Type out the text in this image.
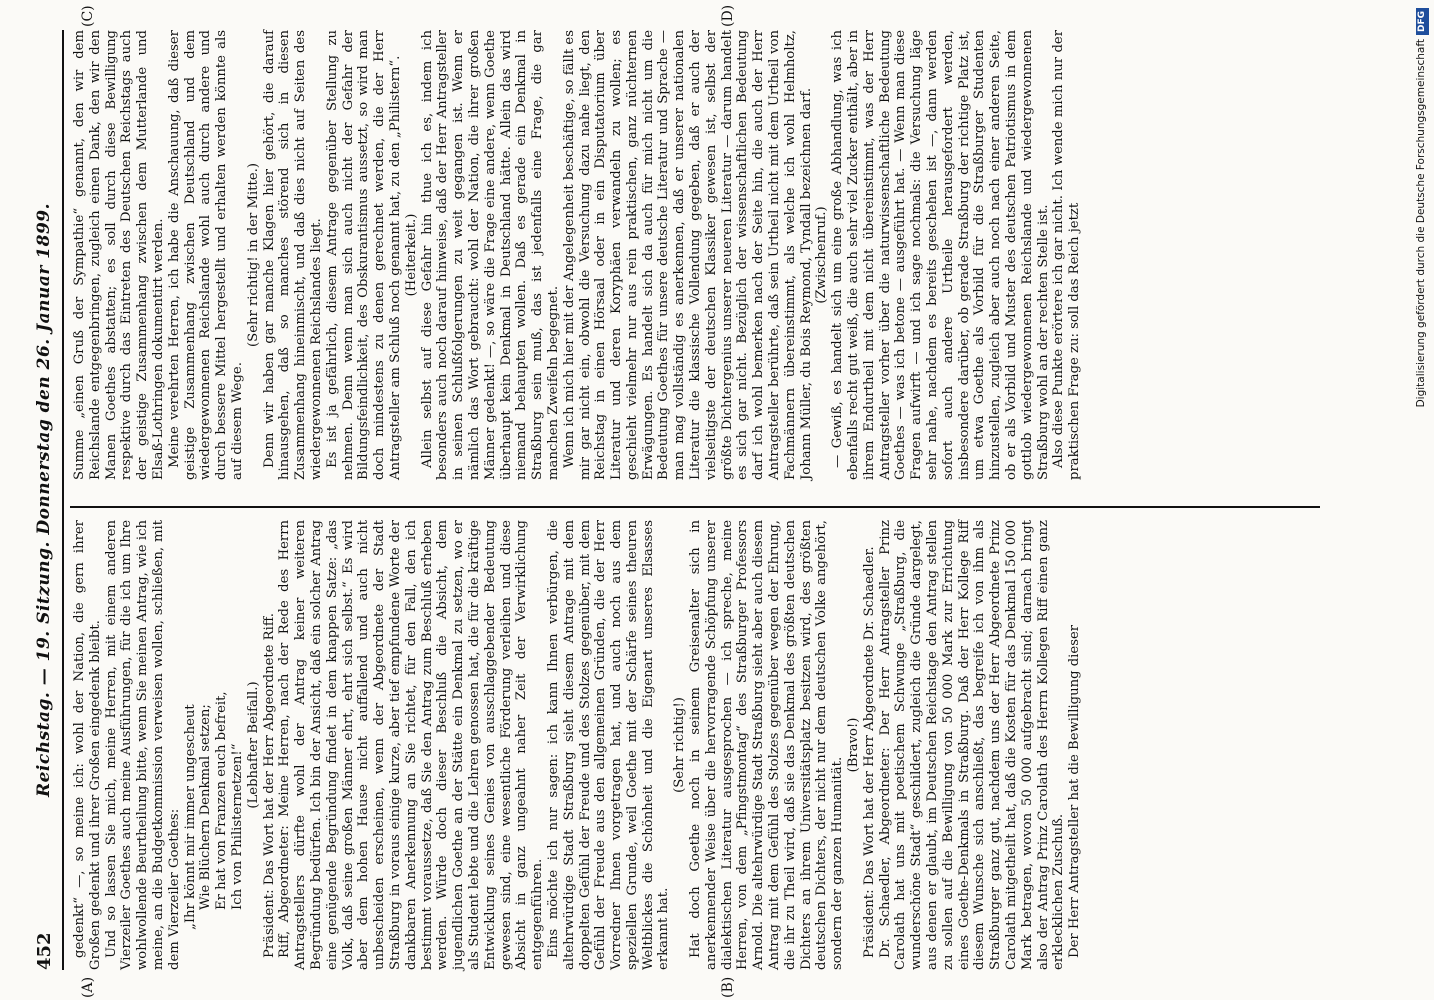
452
Reichstag. — 19. Sitzung. Donnerstag den 26. Januar 1899.
(A)	(B)
(C)	(D)

gedenkt“ —, so meine ich: wohl der Nation, die gern ihrer Großen gedenkt und ihrer Großen eingedenk bleibt. Und so lassen Sie mich, meine Herren, mit einem anderen Vierzeiler Goethes auch meine Ausführungen, für die ich um Ihre wohlwollende Beurtheilung bitte, wenn Sie meinen Antrag, wie ich meine, an die Budgetkommission verweisen wollen, schließen, mit dem Vierzeiler Goethes: „Ihr könnt mir immer ungescheut Wie Blüchern Denkmal setzen; Er hat von Franzen euch befreit, Ich von Philisternetzen!“ (Lebhafter Beifall.) Präsident: Das Wort hat der Herr Abgeordnete Riff. Riff, Abgeordneter: Meine Herren, nach der Rede des Herrn Antragstellers dürfte wohl der Antrag keiner weiteren Begründung bedürfen. Ich bin der Ansicht, daß ein solcher Antrag eine genügende Begründung findet in dem knappen Satze: „das Volk, daß seine großen Männer ehrt, ehrt sich selbst.“ Es wird aber dem hohen Hause nicht auffallend und auch nicht unbescheiden erscheinen, wenn der Abgeordnete der Stadt Straßburg in voraus einige kurze, aber tief empfundene Worte der dankbaren Anerkennung an Sie richtet, für den Fall, den ich bestimmt voraussetze, daß Sie den Antrag zum Beschluß erheben werden. Würde doch dieser Beschluß die Absicht, dem jugendlichen Goethe an der Stätte ein Denkmal zu setzen, wo er als Student lebte und die Lehren genossen hat, die für die kräftige Entwicklung seines Genies von ausschlaggebender Bedeutung gewesen sind, eine wesentliche Förderung verleihen und diese Absicht in ganz ungeahnt naher Zeit der Verwirklichung entgegenführen. Eins möchte ich nur sagen: ich kann Ihnen verbürgen, die altehrwürdige Stadt Straßburg sieht diesem Antrage mit dem doppelten Gefühl der Freude und des Stolzes gegenüber, mit dem Gefühl der Freude aus den allgemeinen Gründen, die der Herr Vorredner Ihnen vorgetragen hat, und auch noch aus dem speziellen Grunde, weil Goethe mit der Schärfe seines theuren Weltblickes die Schönheit und die Eigenart unseres Elsasses erkannt hat.

(Sehr richtig!) Hat doch Goethe noch in seinem Greisenalter sich in anerkennender Weise über die hervorragende Schöpfung unserer dialektischen Literatur ausgesprochen — ich spreche, meine Herren, von dem „Pfingstmontag“ des Straßburger Professors Arnold. Die altehrwürdige Stadt Straßburg sieht aber auch diesem Antrag mit dem Gefühl des Stolzes gegenüber wegen der Ehrung, die ihr zu Theil wird, daß sie das Denkmal des größten deutschen Dichters an ihrem Universitätsplatz besitzen wird, des größten deutschen Dichters, der nicht nur dem deutschen Volke angehört, sondern der ganzen Humanität.

(Bravo!) Präsident: Das Wort hat der Herr Abgeordnete Dr. Schaedler. Dr. Schaedler, Abgeordneter: Der Herr Antragsteller Prinz Carolath hat uns mit poetischem Schwunge „Straßburg, die wunderschöne Stadt“ geschildert, zugleich die Gründe dargelegt, aus denen er glaubt, im Deutschen Reichstage den Antrag stellen zu sollen auf die Bewilligung von 50 000 Mark zur Errichtung eines Goethe-Denkmals in Straßburg. Daß der Herr Kollege Riff diesem Wunsche sich anschließt, das begreife ich von ihm als Straßburger ganz gut, nachdem uns der Herr Abgeordnete Prinz Carolath mitgetheilt hat, daß die Kosten für das Denkmal 150 000 Mark betragen, wovon 50 000 aufgebracht sind; darnach bringt also der Antrag Prinz Carolath des Herrn Kollegen Riff einen ganz erklecklichen Zuschuß. Der Herr Antragsteller hat die Bewilligung dieser

Summe „einen Gruß der Sympathie“ genannt, den wir dem Reichslande entgegenbringen, zugleich einen Dank, den wir den Manen Goethes abstatten; es soll durch diese Bewilligung respektive durch das Eintreten des Deutschen Reichstags auch der geistige Zusammenhang zwischen dem Mutterlande und Elsaß-Lothringen dokumentirt werden. Meine verehrten Herren, ich habe die Anschauung, daß dieser geistige Zusammenhang zwischen Deutschland und dem wiedergewonnenen Reichslande wohl auch durch andere und durch bessere Mittel hergestellt und erhalten werden könnte als auf diesem Wege.

(Sehr richtig! in der Mitte.) Denn wir haben gar manche Klagen hier gehört, die darauf hinausgehen, daß so manches störend sich in diesen Zusammenhang hineinmischt, und daß dies nicht auf Seiten des wiedergewonnenen Reichslandes liegt. Es ist ja gefährlich, diesem Antrage gegenüber Stellung zu nehmen. Denn wenn man sich auch nicht der Gefahr der Bildungsfeindlichkeit, des Obskurantismus aussetzt, so wird man doch mindestens zu denen gerechnet werden, die der Herr Antragsteller am Schluß noch genannt hat, zu den „Philistern“. (Heiterkeit.) Allein selbst auf diese Gefahr hin thue ich es, indem ich besonders auch noch darauf hinweise, daß der Herr Antragsteller in seinen Schlußfolgerungen zu weit gegangen ist. Wenn er nämlich das Wort gebraucht: wohl der Nation, die ihrer großen Männer gedenkt! —, so wäre die Frage eine andere, wenn Goethe überhaupt kein Denkmal in Deutschland hätte. Allein das wird niemand behaupten wollen. Daß es gerade ein Denkmal in Straßburg sein muß, das ist jedenfalls eine Frage, die gar manchen Zweifeln begegnet. Wenn ich mich hier mit der Angelegenheit beschäftige, so fällt es mir gar nicht ein, obwohl die Versuchung dazu nahe liegt, den Reichstag in einen Hörsaal oder in ein Disputatorium über Literatur und deren Koryphäen verwandeln zu wollen; es geschieht vielmehr nur aus rein praktischen, ganz nüchternen Erwägungen. Es handelt sich da auch für mich nicht um die Bedeutung Goethes für unsere deutsche Literatur und Sprache — man mag vollständig es anerkennen, daß er unserer nationalen Literatur die klassische Vollendung gegeben, daß er auch der vielseitigste der deutschen Klassiker gewesen ist, selbst der größte Dichtergenius unserer neueren Literatur — darum handelt es sich gar nicht. Bezüglich der wissenschaftlichen Bedeutung darf ich wohl bemerken nach der Seite hin, die auch der Herr Antragsteller berührte, daß sein Urtheil nicht mit dem Urtheil von Fachmännern übereinstimmt, als welche ich wohl Helmholtz, Johann Müller, du Bois Reymond, Tyndall bezeichnen darf. (Zwischenruf.) — Gewiß, es handelt sich um eine große Abhandlung, was ich ebenfalls recht gut weiß, die auch sehr viel Zucker enthält, aber in ihrem Endurtheil mit dem nicht übereinstimmt, was der Herr Antragsteller vorher über die naturwissenschaftliche Bedeutung Goethes — was ich betone — ausgeführt hat. — Wenn man diese Fragen aufwirft — und ich sage nochmals: die Versuchung läge sehr nahe, nachdem es bereits geschehen ist —, dann werden sofort auch andere Urtheile herausgefordert werden, insbesondere darüber, ob gerade Straßburg der richtige Platz ist, um etwa Goethe als Vorbild für die Straßburger Studenten hinzustellen, zugleich aber auch noch nach einer anderen Seite, ob er als Vorbild und Muster des deutschen Patriotismus in dem gottlob wiedergewonnenen Reichslande und wiedergewonnenen Straßburg wohl an der rechten Stelle ist. Also diese Punkte erörtere ich gar nicht. Ich wende mich nur der praktischen Frage zu: soll das Reich jetzt	Digitalisierung gefördert durch die Deutsche ForschungsgemeinschaftDFG
